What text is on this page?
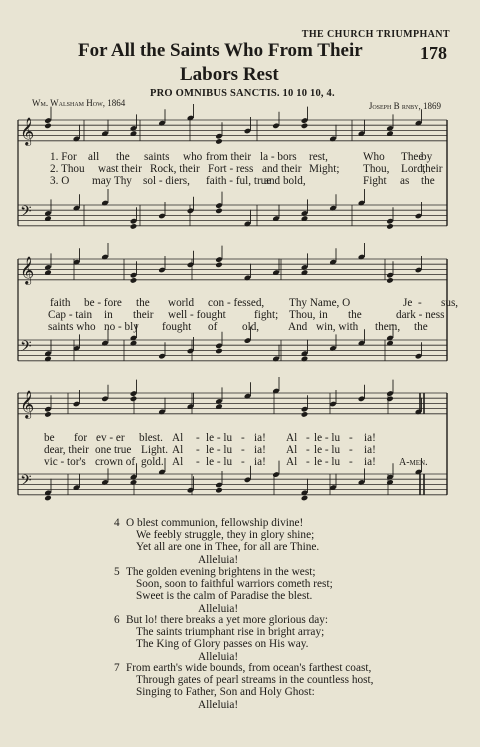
THE CHURCH TRIUMPHANT
For All the Saints Who From Their	178
Labors Rest
PRO OMNIBUS SANCTIS. 10 10 10, 4.
Wm. Walsham How, 1864	Joseph B rnby, 1869
𝄞
𝄢
𝄞
𝄢
𝄞
𝄢
1. For all the saints who from their la - bors rest,	Who Thee
by
2. Thou wast their Rock, their Fort - ress and their Might; Thou, Lord,
their
3. O may Thy sol - diers, faith - ful, true
and bold,	Fight as the
faith be - fore the world con - fessed, Thy Name, O	Je - sus,
Cap - tain in their well - fought	fight; Thou, in the	dark - ness
saints who no - bly fought of old,	And win, with them, the
be for ev - er blest. Al - le - lu - ia! Al - le - lu - ia!
dear, their one true Light. Al - le - lu - ia! Al - le - lu - ia!
vic - tor's crown of gold. Al - le - lu - ia! Al - le - lu - ia! A-men.
4 O blest communion, fellowship divine!
We feebly struggle, they in glory shine;
Yet all are one in Thee, for all are Thine.
Alleluia!
5 The golden evening brightens in the west;
Soon, soon to faithful warriors cometh rest;
Sweet is the calm of Paradise the blest.
Alleluia!
6 But lo! there breaks a yet more glorious day:
The saints triumphant rise in bright array;
The King of Glory passes on His way.
Alleluia!
7 From earth's wide bounds, from ocean's farthest coast,
Through gates of pearl streams in the countless host,
Singing to Father, Son and Holy Ghost:
Alleluia!
